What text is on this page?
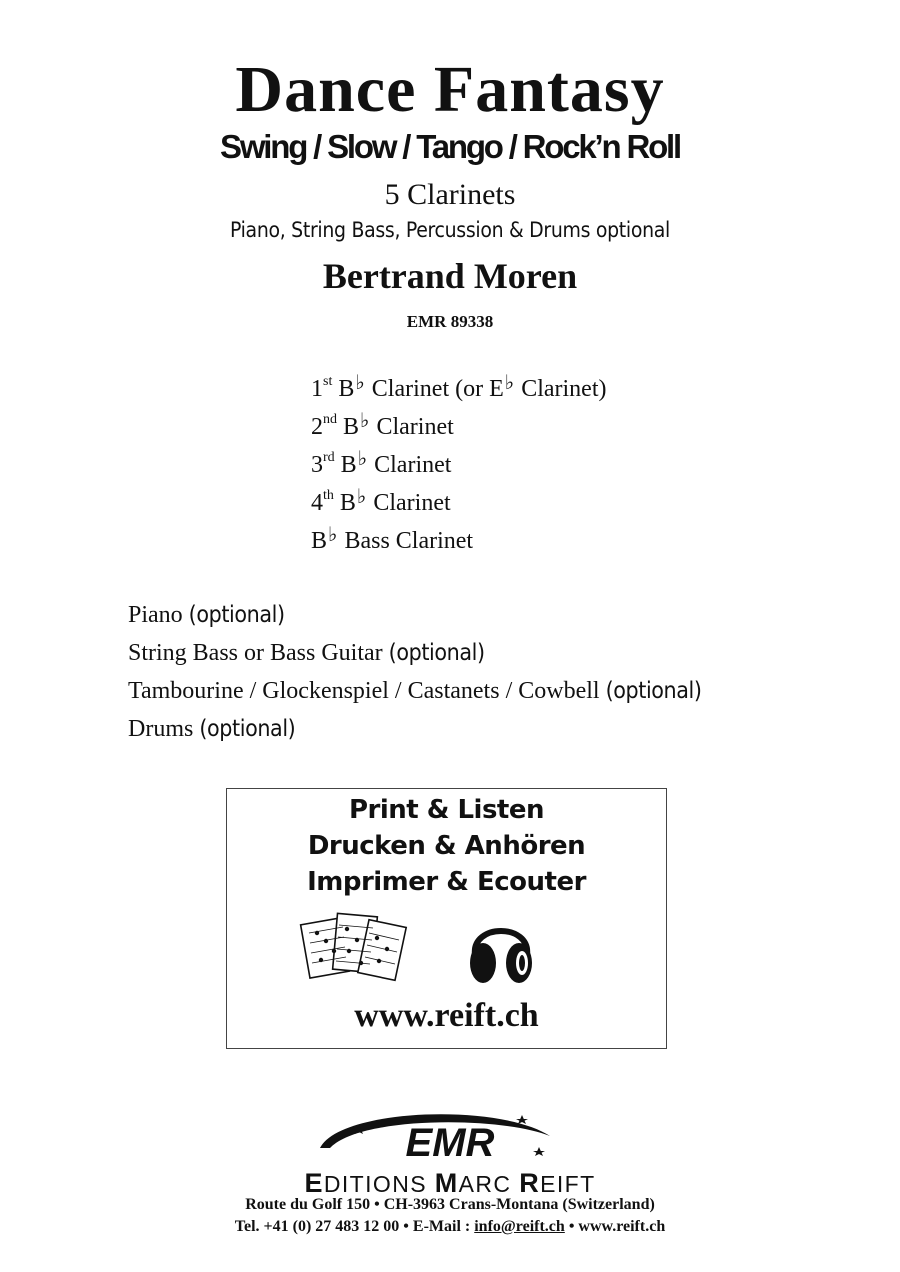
Dance Fantasy
Swing / Slow / Tango / Rock’n Roll
5 Clarinets
Piano, String Bass, Percussion & Drums optional
Bertrand Moren
EMR 89338
1st B♭ Clarinet (or E♭ Clarinet)
2nd B♭ Clarinet
3rd B♭ Clarinet
4th B♭ Clarinet
B♭ Bass Clarinet
Piano (optional)
String Bass or Bass Guitar (optional)
Tambourine / Glockenspiel / Castanets / Cowbell (optional)
Drums (optional)
Print & Listen
Drucken & Anhören
Imprimer & Ecouter
www.reift.ch
EMR
EDITIONS MARC REIFT
Route du Golf 150 • CH-3963 Crans-Montana (Switzerland)
Tel. +41 (0) 27 483 12 00 • E-Mail : info@reift.ch • www.reift.ch
